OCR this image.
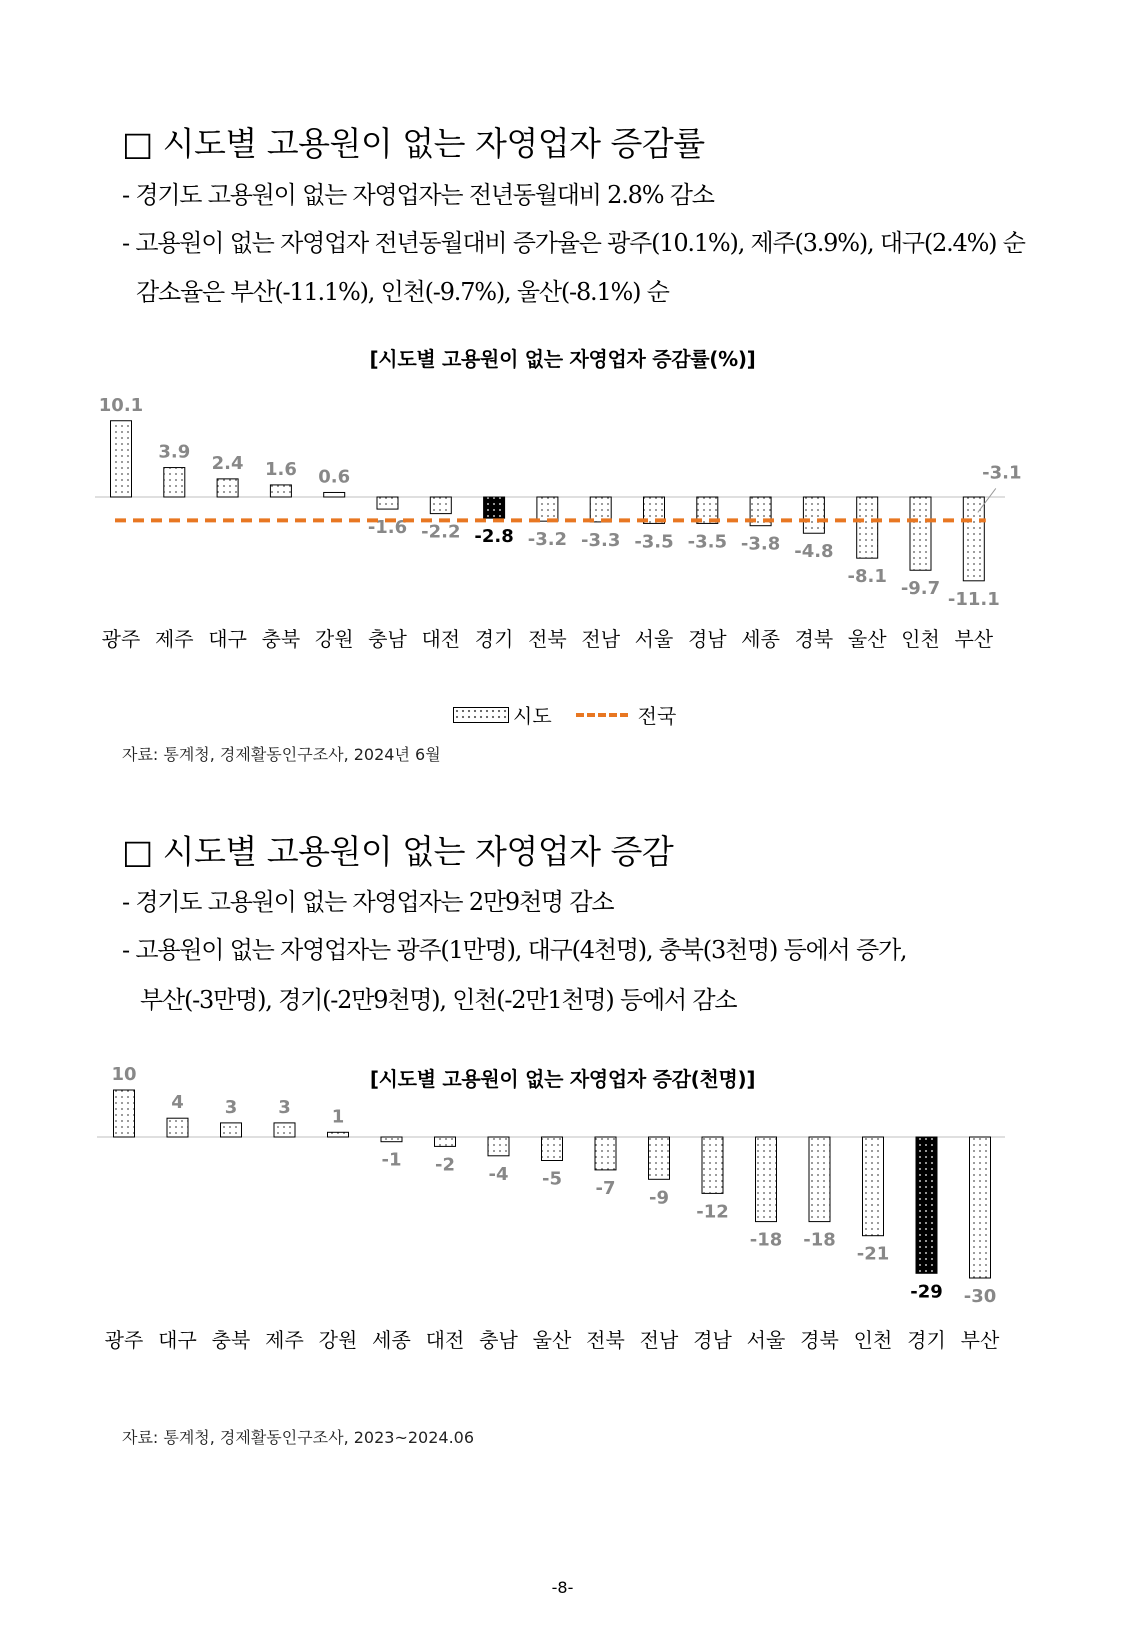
□ 시도별 고용원이 없는 자영업자 증감률
- 경기도 고용원이 없는 자영업자는 전년동월대비 2.8% 감소
- 고용원이 없는 자영업자 전년동월대비 증가율은 광주(10.1%), 제주(3.9%), 대구(2.4%) 순
감소율은 부산(-11.1%), 인천(-9.7%), 울산(-8.1%) 순
[시도별 고용원이 없는 자영업자 증감률(%)]
10.1
광주
3.9
제주
2.4
대구
1.6
충북
0.6
강원
-1.6
충남
-2.2
대전
-2.8
경기
-3.2
전북
-3.3
전남
-3.5
서울
-3.5
경남
-3.8
세종
-4.8
경북
-8.1
울산
-9.7
인천
-11.1
부산
-3.1
시도	전국
자료: 통계청, 경제활동인구조사, 2024년 6월
□ 시도별 고용원이 없는 자영업자 증감
- 경기도 고용원이 없는 자영업자는 2만9천명 감소
- 고용원이 없는 자영업자는 광주(1만명), 대구(4천명), 충북(3천명) 등에서 증가,
부산(-3만명), 경기(-2만9천명), 인천(-2만1천명) 등에서 감소
[시도별 고용원이 없는 자영업자 증감(천명)]
10
광주
4
대구
3
충북
3
제주
1
강원
-1
세종
-2
대전
-4
충남
-5
울산
-7
전북
-9
전남
-12
경남
-18
서울
-18
경북
-21
인천
-29
경기
-30
부산
자료: 통계청, 경제활동인구조사, 2023~2024.06
-8-
